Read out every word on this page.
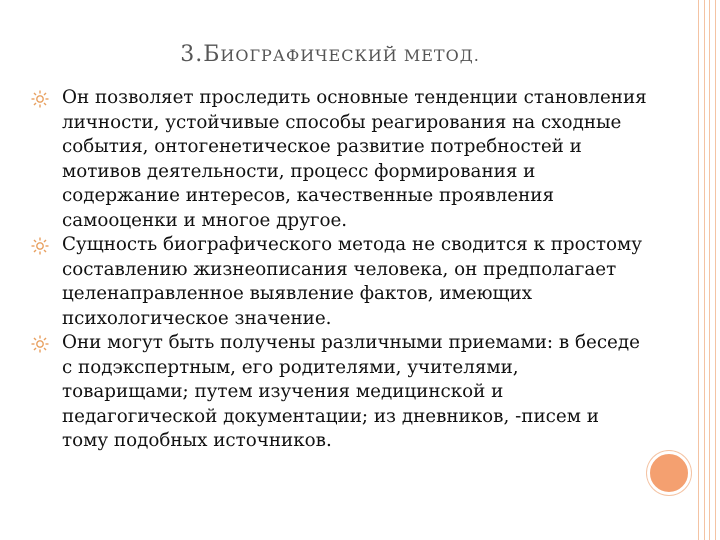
3.БИОГРАФИЧЕСКИЙ МЕТОД.
Он позволяет проследить основные тенденции становления личности, устойчивые способы реагирования на сходные события, онтогенетическое развитие потребностей и мотивов деятельности, процесс формирования и содержание интересов, качественные проявления самооценки и многое другое.
Сущность биографического метода не сводится к простому составлению жизнеописания человека, он предполагает целенаправленное выявление фактов, имеющих психологическое значение.
Они могут быть получены различными приемами: в беседе с подэкспертным, его родителями, учителями, товарищами; путем изучения медицинской и педагогической документации; из дневников, -писем и тому подобных источников.
